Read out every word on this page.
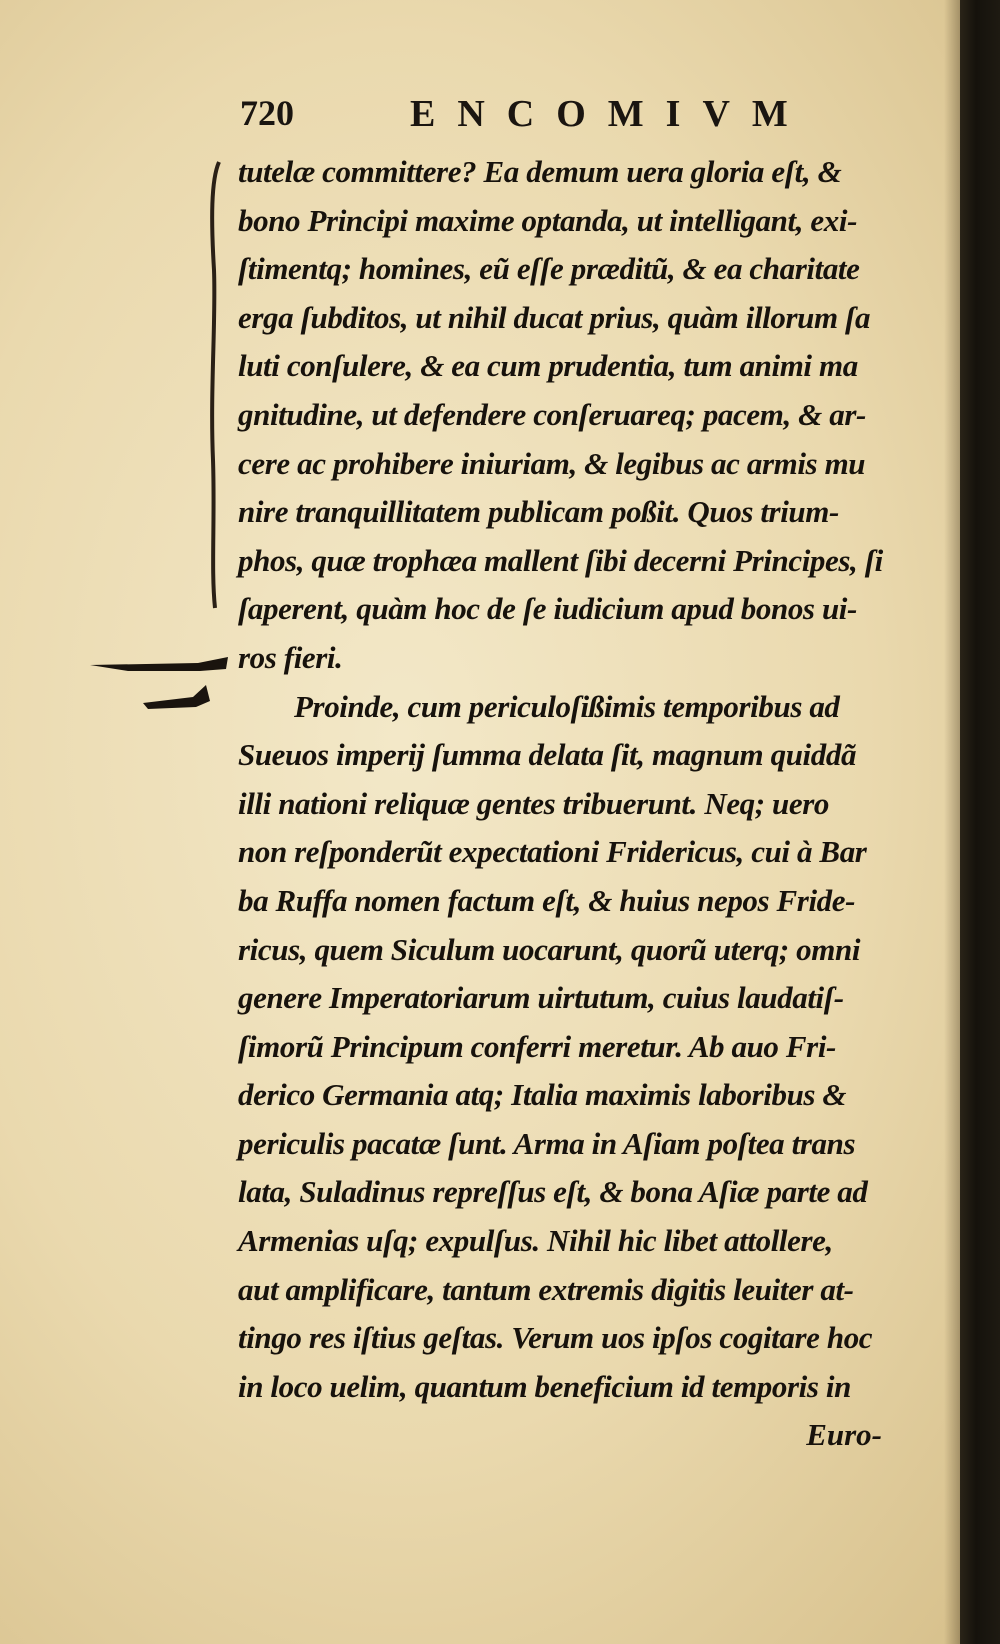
720	ENCOMIVM
tutelæ committere? Ea demum uera gloria eſt, &
bono Principi maxime optanda, ut intelligant, exi-
ſtimentq; homines, eũ eſſe præditũ, & ea charitate
erga ſubditos, ut nihil ducat prius, quàm illorum ſa
luti conſulere, & ea cum prudentia, tum animi ma
gnitudine, ut defendere conſeruareq; pacem, & ar-
cere ac prohibere iniuriam, & legibus ac armis mu
nire tranquillitatem publicam poßit. Quos trium-
phos, quæ trophæa mallent ſibi decerni Principes, ſi
ſaperent, quàm hoc de ſe iudicium apud bonos ui-
ros fieri.
Proinde, cum periculoſißimis temporibus ad
Sueuos imperij ſumma delata ſit, magnum quiddã
illi nationi reliquæ gentes tribuerunt. Neq; uero
non reſponderũt expectationi Fridericus, cui à Bar
ba Ruffa nomen factum eſt, & huius nepos Fride-
ricus, quem Siculum uocarunt, quorũ uterq; omni
genere Imperatoriarum uirtutum, cuius laudatiſ-
ſimorũ Principum conferri meretur. Ab auo Fri-
derico Germania atq; Italia maximis laboribus &
periculis pacatæ ſunt. Arma in Aſiam poſtea trans
lata, Suladinus repreſſus eſt, & bona Aſiæ parte ad
Armenias uſq; expulſus. Nihil hic libet attollere,
aut amplificare, tantum extremis digitis leuiter at-
tingo res iſtius geſtas. Verum uos ipſos cogitare hoc
in loco uelim, quantum beneficium id temporis in
Euro-
